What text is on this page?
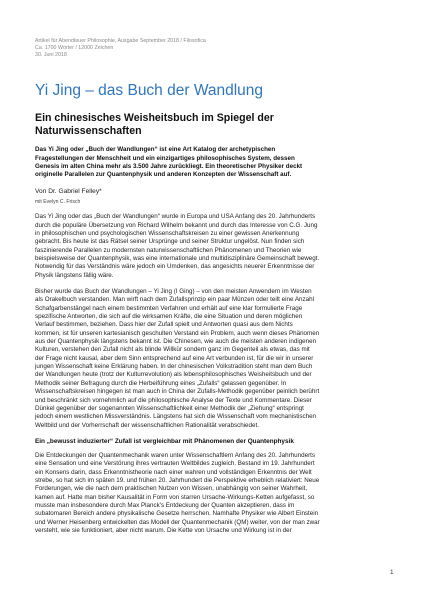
Artikel für Abendteuer Philosophie, Ausgabe September 2018 / Filosofica
Ca. 1700 Wörter / 12000 Zeichen
30. Juni 2018
Yi Jing – das Buch der Wandlung
Ein chinesisches Weisheitsbuch im Spiegel der
Naturwissenschaften
Das Yi Jing oder „Buch der Wandlungen“ ist eine Art Katalog der archetypischen
Fragestellungen der Menschheit und ein einzigartiges philosophisches System, dessen
Genesis im alten China mehr als 3.500 Jahre zurückliegt. Ein theoretischer Physiker deckt
originelle Parallelen zur Quantenphysik und anderen Konzepten der Wissenschaft auf.
Von Dr. Gabriel Felley*
mit Evelyn C. Frisch
Das Yi Jing oder das „Buch der Wandlungen“ wurde in Europa und USA Anfang des 20. Jahrhunderts
durch die populäre Übersetzung von Richard Wilhelm bekannt und durch das Interesse von C.G. Jung
in philosophischen und psychologischen Wissenschaftskreisen zu einer gewissen Anerkennung
gebracht. Bis heute ist das Rätsel seiner Ursprünge und seiner Struktur ungelöst. Nun finden sich
faszinierende Parallelen zu modernsten naturwissenschaftlichen Phänomenen und Theorien wie
beispielsweise der Quantenphysik, was eine internationale und multidisziplinäre Gemeinschaft bewegt.
Notwendig für das Verständnis wäre jedoch ein Umdenken, das angesichts neuerer Erkenntnisse der
Physik längstens fällig wäre.
Bisher wurde das Buch der Wandlungen – Yi Jing (I Ging) – von den meisten Anwendern im Westen
als Orakelbuch verstanden. Man wirft nach dem Zufallsprinzip ein paar Münzen oder teilt eine Anzahl
Schafgarbenstängel nach einem bestimmten Verfahren und erhält auf eine klar formulierte Frage
spezifische Antworten, die sich auf die wirksamen Kräfte, die eine Situation und deren möglichen
Verlauf bestimmen, beziehen. Dass hier der Zufall spielt und Antworten quasi aus dem Nichts
kommen, ist für unseren kartesianisch geschulten Verstand ein Problem, auch wenn dieses Phänomen
aus der Quantenphysik längstens bekannt ist. Die Chinesen, wie auch die meisten anderen indigenen
Kulturen, verstehen den Zufall nicht als blinde Willkür sondern ganz im Gegenteil als etwas, das mit
der Frage nicht kausal, aber dem Sinn entsprechend auf eine Art verbunden ist, für die wir in unserer
jungen Wissenschaft keine Erklärung haben. In der chinesischen Volkstradition steht man dem Buch
der Wandlungen heute (trotz der Kulturrevolution) als lebensphilosophisches Weisheitsbuch und der
Methodik seiner Befragung durch die Herbeiführung eines „Zufalls“ gelassen gegenüber. In
Wissenschaftskreisen hingegen ist man auch in China der Zufalls-Methodik gegenüber peinlich berührt
und beschränkt sich vornehmlich auf die philosophische Analyse der Texte und Kommentare. Dieser
Dünkel gegenüber der sogenannten Wissenschaftlichkeit einer Methodik der „Ziehung“ entspringt
jedoch einem westlichen Missverständnis. Längstens hat sich die Wissenschaft vom mechanistischen
Weltbild und der Vorherrschaft der wissenschaftlichen Rationalität verabschiedet.
Ein „bewusst induzierter“ Zufall ist vergleichbar mit Phänomenen der Quantenphysik
Die Entdeckungen der Quantenmechanik waren unter Wissenschaftlern Anfang des 20. Jahrhunderts
eine Sensation und eine Verstörung ihres vertrauten Weltbildes zugleich. Bestand im 19. Jahrhundert
ein Konsens darin, dass Erkenntnistheorie nach einer wahren und vollständigen Erkenntnis der Welt
strebe, so hat sich im späten 19. und frühen 20. Jahrhundert die Perspektive erheblich relativiert: Neue
Forderungen, wie die nach dem praktischen Nutzen von Wissen, unabhängig von seiner Wahrheit,
kamen auf. Hatte man bisher Kausalität in Form von starren Ursache-Wirkungs-Ketten aufgefasst, so
musste man insbesondere durch Max Planck's Entdeckung der Quanten akzeptieren, dass im
subatomaren Bereich andere physikalische Gesetze herrschen. Namhafte Physiker wie Albert Einstein
und Werner Heisenberg entwickelten das Modell der Quantenmechanik (QM) weiter, von der man zwar
versteht, wie sie funktioniert, aber nicht warum. Die Kette von Ursache und Wirkung ist in der
1
